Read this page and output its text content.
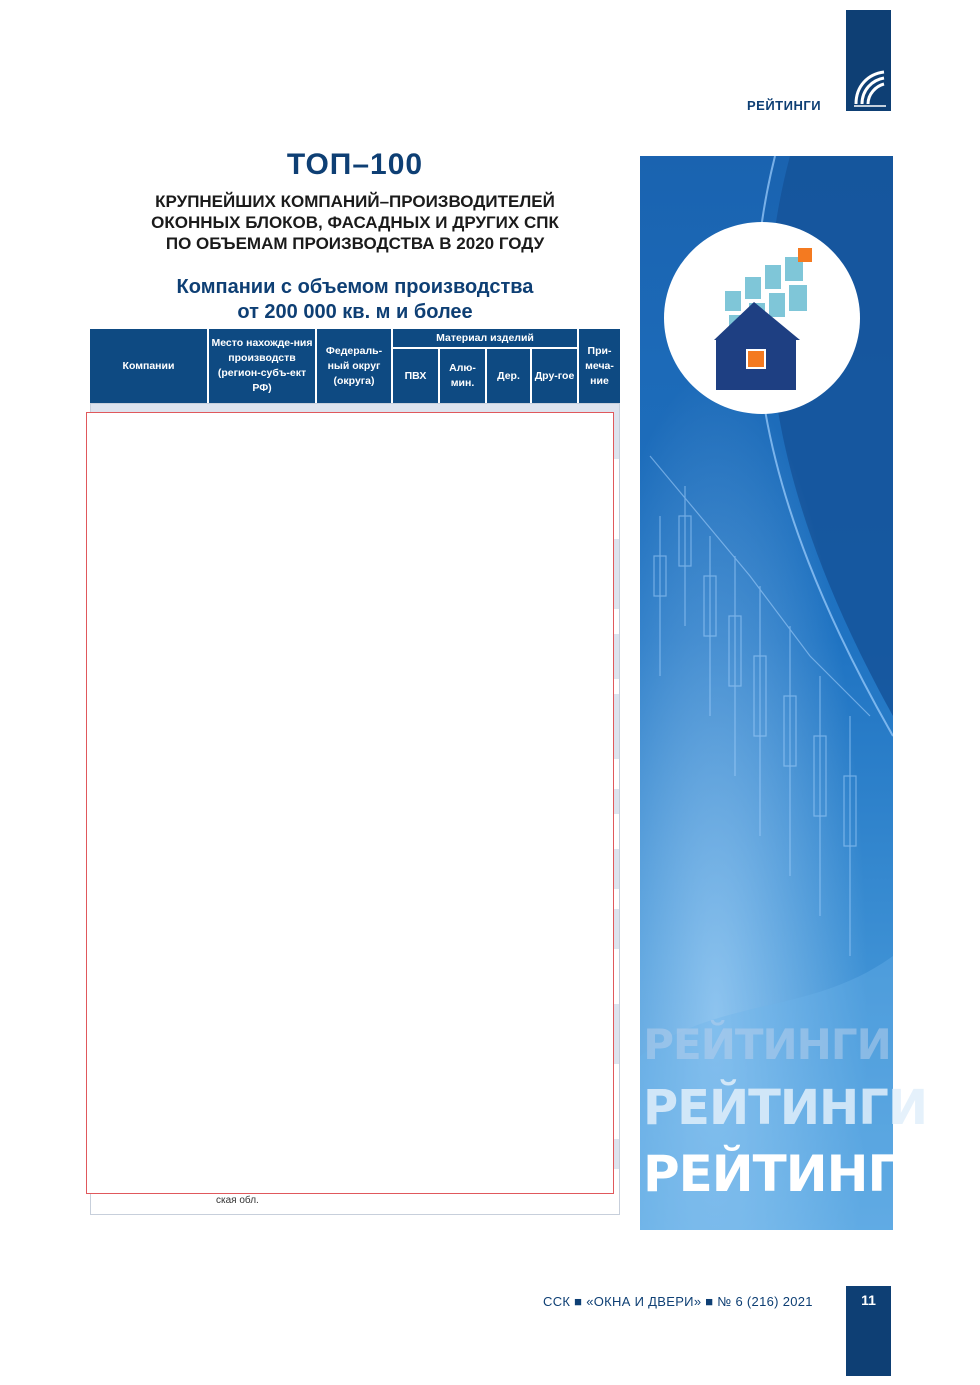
РЕЙТИНГИ
ТОП–100
КРУПНЕЙШИХ КОМПАНИЙ–ПРОИЗВОДИТЕЛЕЙ
ОКОННЫХ БЛОКОВ, ФАСАДНЫХ И ДРУГИХ СПК
ПО ОБЪЕМАМ ПРОИЗВОДСТВА В 2020 ГОДУ
Компании с объемом производства
от 200 000 кв. м и более
Компании
Место нахожде-ния производств (регион-субъ-ект РФ)
Федераль-ный округ (округа)
Материал изделий
ПВХ
Алю-мин.
Дер.	Дру-гое
При-меча-ние
ская обл.
РЕЙТИНГИ
РЕЙТИНГИ
РЕЙТИНГИ
ССК ■ «ОКНА И ДВЕРИ» ■ № 6 (216) 2021	11
